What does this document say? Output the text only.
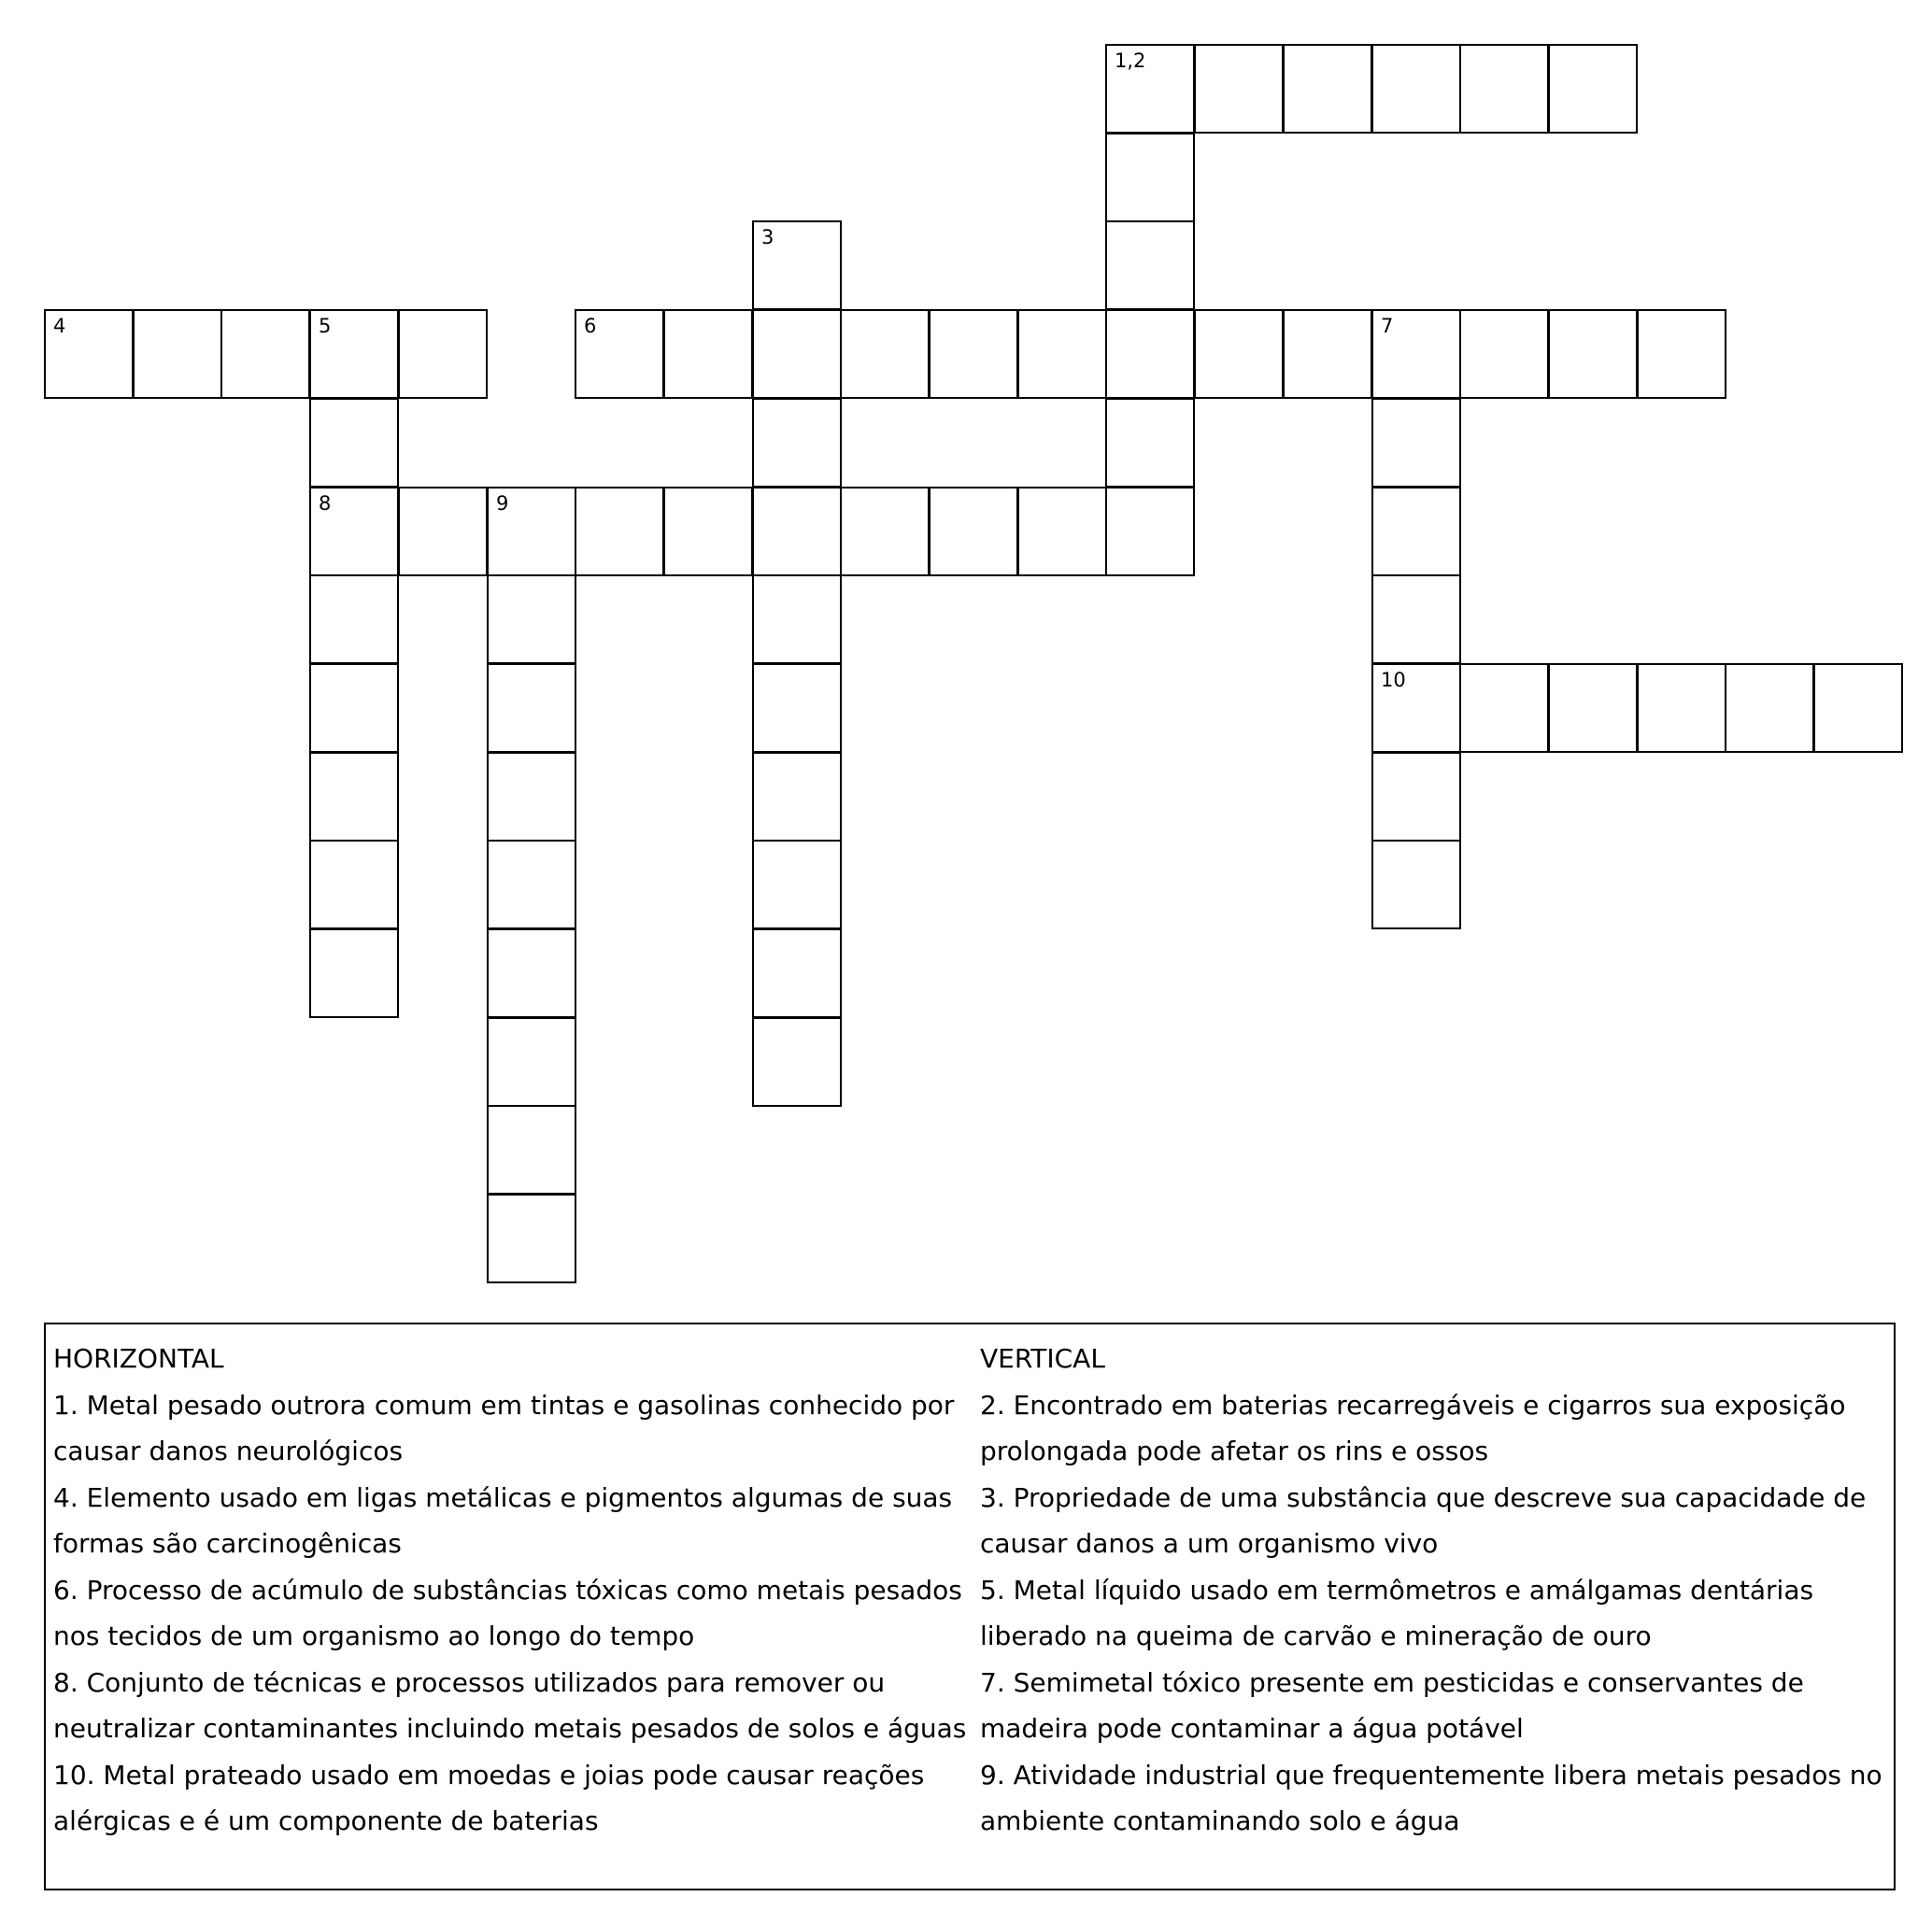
1,2
3
4	5	6	7
8	9
10
HORIZONTAL
1. Metal pesado outrora comum em tintas e gasolinas conhecido por causar danos neurológicos
4. Elemento usado em ligas metálicas e pigmentos algumas de suas formas são carcinogênicas
6. Processo de acúmulo de substâncias tóxicas como metais pesados nos tecidos de um organismo ao longo do tempo
8. Conjunto de técnicas e processos utilizados para remover ou neutralizar contaminantes incluindo metais pesados de solos e águas
10. Metal prateado usado em moedas e joias pode causar reações alérgicas e é um componente de baterias
VERTICAL
2. Encontrado em baterias recarregáveis e cigarros sua exposição prolongada pode afetar os rins e ossos
3. Propriedade de uma substância que descreve sua capacidade de causar danos a um organismo vivo
5. Metal líquido usado em termômetros e amálgamas dentárias liberado na queima de carvão e mineração de ouro
7. Semimetal tóxico presente em pesticidas e conservantes de madeira pode contaminar a água potável
9. Atividade industrial que frequentemente libera metais pesados no ambiente contaminando solo e água
